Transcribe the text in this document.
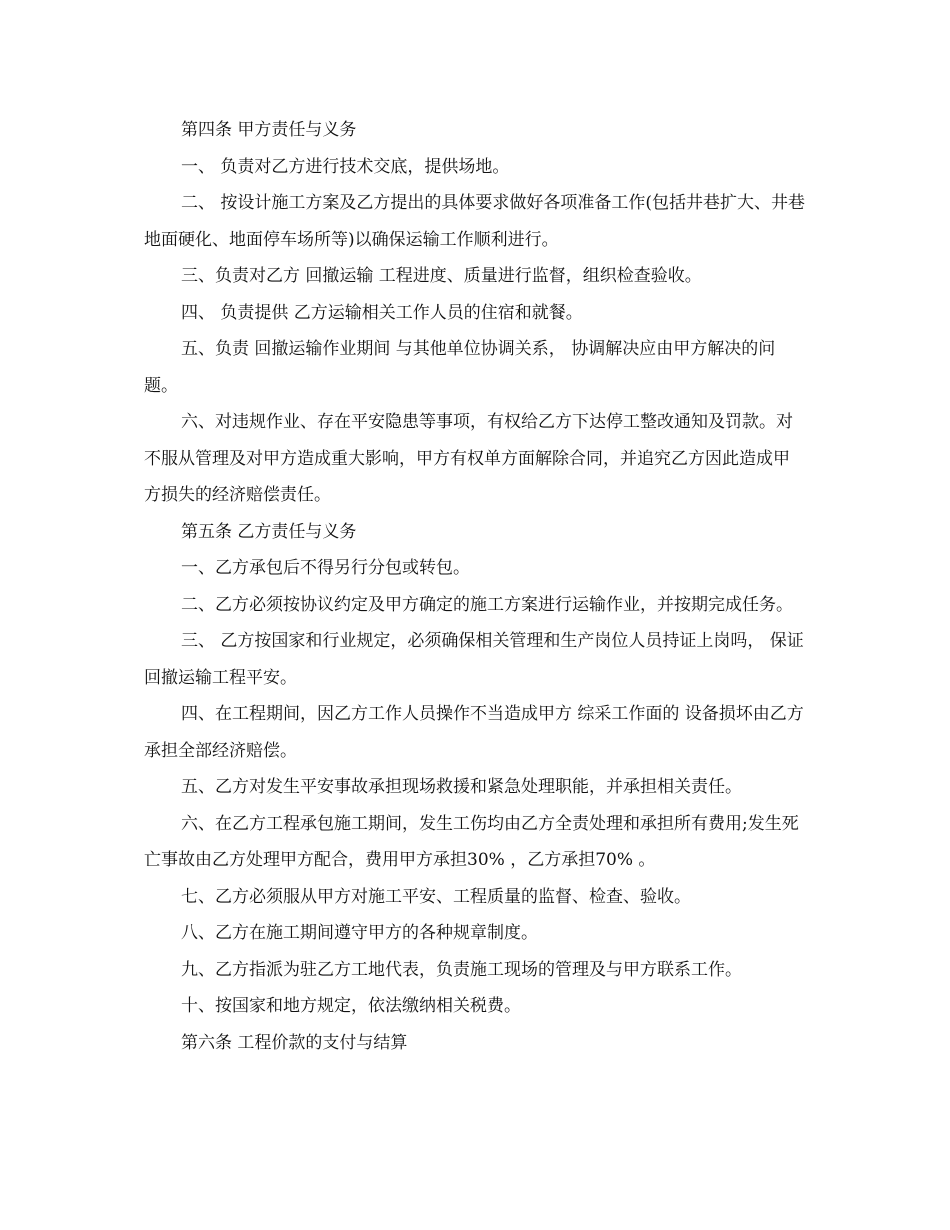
第四条 甲方责任与义务

一、 负责对乙方进行技术交底，提供场地。

二、 按设计施工方案及乙方提出的具体要求做好各项准备工作(包括井巷扩大、井巷地面硬化、地面停车场所等)以确保运输工作顺利进行。

三、负责对乙方 回撤运输 工程进度、质量进行监督，组织检查验收。

四、 负责提供 乙方运输相关工作人员的住宿和就餐。

五、负责 回撤运输作业期间 与其他单位协调关系， 协调解决应由甲方解决的问题。

六、对违规作业、存在平安隐患等事项，有权给乙方下达停工整改通知及罚款。对不服从管理及对甲方造成重大影响，甲方有权单方面解除合同，并追究乙方因此造成甲方损失的经济赔偿责任。

第五条 乙方责任与义务

一、乙方承包后不得另行分包或转包。

二、乙方必须按协议约定及甲方确定的施工方案进行运输作业，并按期完成任务。

三、 乙方按国家和行业规定，必须确保相关管理和生产岗位人员持证上岗吗， 保证回撤运输工程平安。

四、在工程期间，因乙方工作人员操作不当造成甲方 综采工作面的 设备损坏由乙方承担全部经济赔偿。

五、乙方对发生平安事故承担现场救援和紧急处理职能，并承担相关责任。

六、在乙方工程承包施工期间，发生工伤均由乙方全责处理和承担所有费用;发生死亡事故由乙方处理甲方配合，费用甲方承担30% ，乙方承担70% 。

七、乙方必须服从甲方对施工平安、工程质量的监督、检查、验收。

八、乙方在施工期间遵守甲方的各种规章制度。

九、乙方指派为驻乙方工地代表，负责施工现场的管理及与甲方联系工作。

十、按国家和地方规定，依法缴纳相关税费。

第六条 工程价款的支付与结算
